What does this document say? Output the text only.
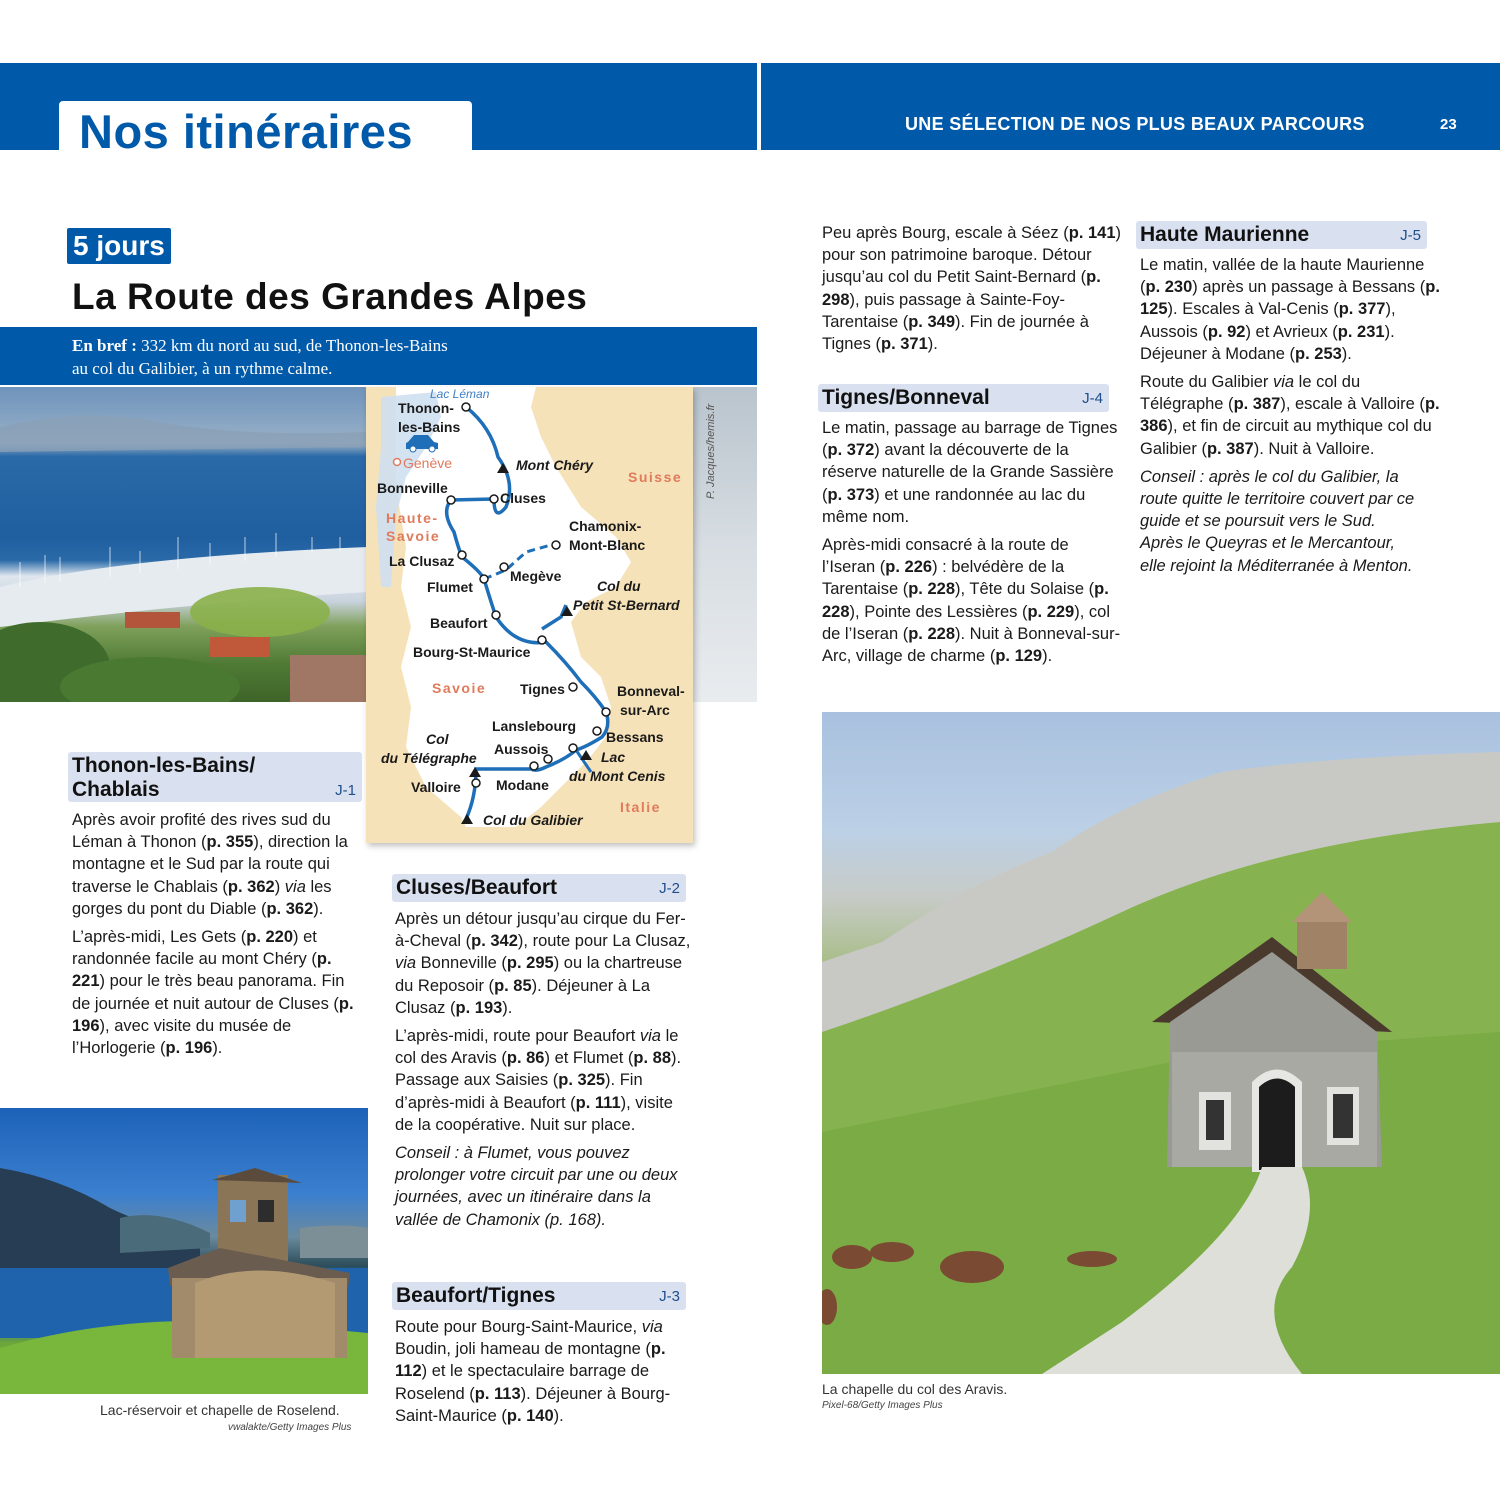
Nos itinéraires	UNE SÉLECTION DE NOS PLUS BEAUX PARCOURS	23
5 jours
La Route des Grandes Alpes
En bref : 332 km du nord au sud, de Thonon-les-Bains
au col du Galibier, à un rythme calme.
Lac Léman
Thonon-
les-Bains
Genève	Mont Chéry
Suisse
Bonneville
Cluses
Haute-
Savoie
Chamonix-
Mont-Blanc
La Clusaz
Megève
Flumet	Col du
Petit St-Bernard
Beaufort
Bourg-St-Maurice
Savoie Tignes	Bonneval-
sur-Arc
Lanslebourg
Col	Bessans
Aussois
du Télégraphe	Lac
du Mont Cenis
Valloire	Modane
Italie
Col du Galibier
P. Jacques/hemis.fr
Thonon-les-Bains/
Chablais	J-1

Après avoir profité des rives sud du Léman à Thonon (p. 355), direction la montagne et le Sud par la route qui traverse le Chablais (p. 362) via les gorges du pont du Diable (p. 362).

L’après-midi, Les Gets (p. 220) et randonnée facile au mont Chéry (p. 221) pour le très beau panorama. Fin de journée et nuit autour de Cluses (p. 196), avec visite du musée de l’Horlogerie (p. 196).

Lac-réservoir et chapelle de Roselend.
vwalakte/Getty Images Plus
Cluses/Beaufort	J-2

Après un détour jusqu’au cirque du Fer-à-Cheval (p. 342), route pour La Clusaz, via Bonneville (p. 295) ou la chartreuse du Reposoir (p. 85). Déjeuner à La Clusaz (p. 193).

L’après-midi, route pour Beaufort via le col des Aravis (p. 86) et Flumet (p. 88). Passage aux Saisies (p. 325). Fin d’après-midi à Beaufort (p. 111), visite de la coopérative. Nuit sur place.

Conseil : à Flumet, vous pouvez prolonger votre circuit par une ou deux journées, avec un itinéraire dans la vallée de Chamonix (p. 168).

Beaufort/Tignes	J-3

Route pour Bourg-Saint-Maurice, via Boudin, joli hameau de montagne (p. 112) et le spectaculaire barrage de Roselend (p. 113). Déjeuner à Bourg-Saint-Maurice (p. 140).

Peu après Bourg, escale à Séez (p. 141) pour son patrimoine baroque. Détour jusqu’au col du Petit Saint-Bernard (p. 298), puis passage à Sainte-Foy-Tarentaise (p. 349). Fin de journée à Tignes (p. 371).

Tignes/Bonneval	J-4

Le matin, passage au barrage de Tignes (p. 372) avant la découverte de la réserve naturelle de la Grande Sassière (p. 373) et une randonnée au lac du même nom.

Après-midi consacré à la route de l’Iseran (p. 226) : belvédère de la Tarentaise (p. 228), Tête du Solaise (p. 228), Pointe des Lessières (p. 229), col de l’Iseran (p. 228). Nuit à Bonneval-sur-Arc, village de charme (p. 129).

Haute Maurienne	J-5

Le matin, vallée de la haute Maurienne (p. 230) après un passage à Bessans (p. 125). Escales à Val-Cenis (p. 377), Aussois (p. 92) et Avrieux (p. 231). Déjeuner à Modane (p. 253).

Route du Galibier via le col du Télégraphe (p. 387), escale à Valloire (p. 386), et fin de circuit au mythique col du Galibier (p. 387). Nuit à Valloire.

Conseil : après le col du Galibier, la route quitte le territoire couvert par ce guide et se poursuit vers le Sud. Après le Queyras et le Mercantour, elle rejoint la Méditerranée à Menton.

La chapelle du col des Aravis.
Pixel-68/Getty Images Plus
